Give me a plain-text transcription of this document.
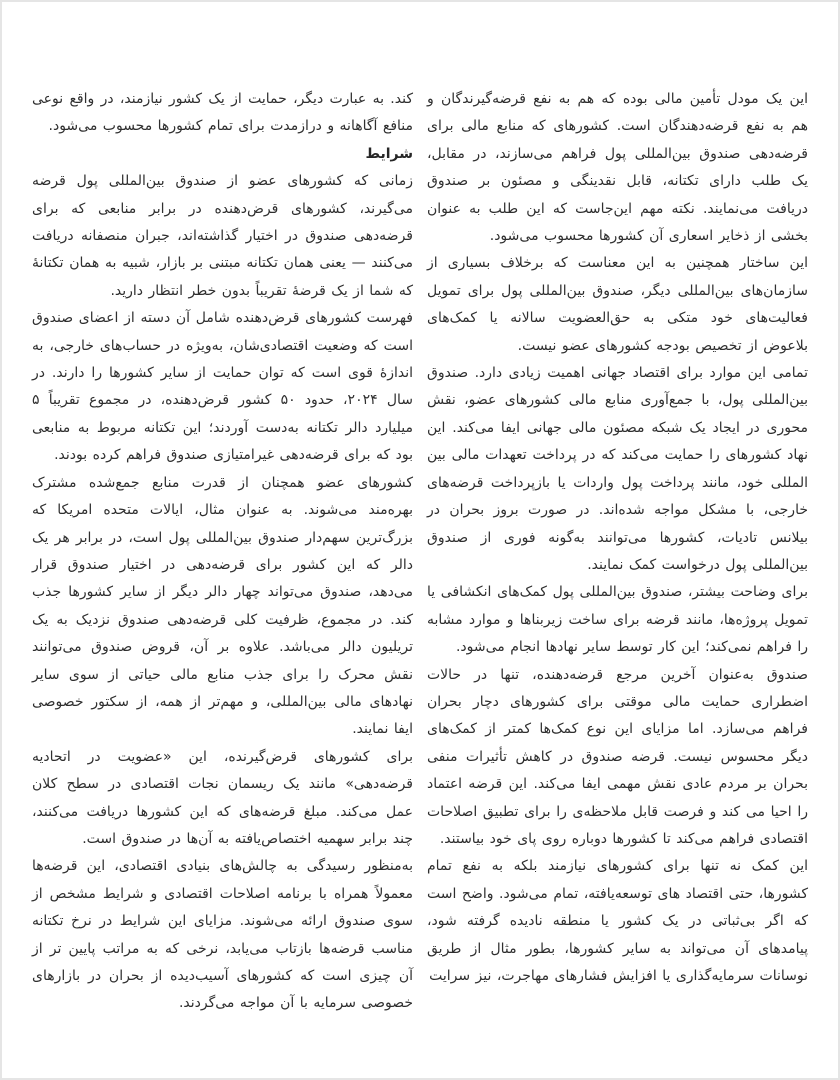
این یک مودل تأمین مالی بوده که هم به نفع قرضه‌گیرندگان و هم به نفع قرضه‌دهندگان است. کشورهای که منابع مالی برای قرضه‌دهی صندوق بین‌المللی پول فراهم می‌سازند، در مقابل، یک طلب دارای تکتانه، قابل نقدینگی و مصئون بر صندوق دریافت می‌نمایند. نکته مهم این‌جاست که این طلب به عنوان بخشی از ذخایر اسعاری آن کشورها محسوب می‌شود.

این ساختار همچنین به این معناست که برخلاف بسیاری از سازمان‌های بین‌المللی دیگر، صندوق بین‌المللی پول برای تمویل فعالیت‌های خود متکی به حق‌العضویت سالانه یا کمک‌های بلاعوض از تخصیص بودجه کشورهای عضو نیست.

تمامی این موارد برای اقتصاد جهانی اهمیت زیادی دارد. صندوق بین‌المللی پول، با جمع‌آوری منابع مالی کشورهای عضو، نقش محوری در ایجاد یک شبکه مصئون مالی جهانی ایفا می‌کند. این نهاد کشورهای را حمایت می‌کند که در پرداخت تعهدات مالی بین المللی خود، مانند پرداخت پول واردات یا بازپرداخت قرضه‌های خارجی، با مشکل مواجه شده‌اند. در صورت بروز بحران در بیلانس تادیات، کشورها می‌توانند به‌گونه فوری از صندوق بین‌المللی پول درخواست کمک نمایند.

برای وضاحت بیشتر، صندوق بین‌المللی پول کمک‌های انکشافی یا تمویل پروژه‌ها، مانند قرضه برای ساخت زیربناها و موارد مشابه را فراهم نمی‌کند؛ این کار توسط سایر نهادها انجام می‌شود.

صندوق به‌عنوان آخرین مرجع قرضه‌دهنده، تنها در حالات اضطراری حمایت مالی موقتی برای کشورهای دچار بحران فراهم می‌سازد. اما مزایای این نوع کمک‌ها کمتر از کمک‌های دیگر محسوس نیست. قرضه صندوق در کاهش تأثیرات منفی بحران بر مردم عادی نقش مهمی ایفا می‌کند. این قرضه اعتماد را احیا می کند و فرصت قابل ملاحظه‌ی را برای تطبیق اصلاحات اقتصادی فراهم می‌کند تا کشورها دوباره روی پای خود بیاستند.

این کمک نه تنها برای کشورهای نیازمند بلکه به نفع تمام کشورها، حتی اقتصاد های توسعه‌یافته، تمام می‌شود. واضح است که اگر بی‌ثباتی در یک کشور یا منطقه نادیده گرفته شود، پیامدهای آن می‌تواند به سایر کشورها، بطور مثال از طریق نوسانات سرمایه‌گذاری یا افزایش فشارهای مهاجرت، نیز سرایت

کند. به عبارت دیگر، حمایت از یک کشور نیازمند، در واقع نوعی منافع آگاهانه و درازمدت برای تمام کشورها محسوب می‌شود.

شرایط

زمانی که کشورهای عضو از صندوق بین‌المللی پول قرضه می‌گیرند، کشورهای قرض‌دهنده در برابر منابعی که برای قرضه‌دهی صندوق در اختیار گذاشته‌اند، جبران منصفانه دریافت می‌کنند — یعنی همان تکتانه مبتنی بر بازار، شبیه به همان تکتانهٔ که شما از یک قرضهٔ تقریباً بدون خطر انتظار دارید.

فهرست کشورهای قرض‌دهنده شامل آن دسته از اعضای صندوق است که وضعیت اقتصادی‌شان، به‌ویژه در حساب‌های خارجی، به اندازهٔ قوی است که توان حمایت از سایر کشورها را دارند. در سال ۲۰۲۴، حدود ۵۰ کشور قرض‌دهنده، در مجموع تقریباً ۵ میلیارد دالر تکتانه به‌دست آوردند؛ این تکتانه مربوط به منابعی بود که برای قرضه‌دهی غیرامتیازی صندوق فراهم کرده بودند.

کشورهای عضو همچنان از قدرت منابع جمع‌شده مشترک بهره‌مند می‌شوند. به عنوان مثال، ایالات متحده امریکا که بزرگ‌ترین سهم‌دار صندوق بین‌المللی پول است، در برابر هر یک دالر که این کشور برای قرضه‌دهی در اختیار صندوق قرار می‌دهد، صندوق می‌تواند چهار دالر دیگر از سایر کشورها جذب کند. در مجموع، ظرفیت کلی قرضه‌دهی صندوق نزدیک به یک تریلیون دالر می‌باشد. علاوه بر آن، قروض صندوق می‌توانند نقش محرک را برای جذب منابع مالی حیاتی از سوی سایر نهادهای مالی بین‌المللی، و مهم‌تر از همه، از سکتور خصوصی ایفا نمایند.

برای کشورهای قرض‌گیرنده، این «عضویت در اتحادیه قرضه‌دهی» مانند یک ریسمان نجات اقتصادی در سطح کلان عمل می‌کند. مبلغ قرضه‌های که این کشورها دریافت می‌کنند، چند برابر سهمیه اختصاص‌یافته به آن‌ها در صندوق است.

به‌منظور رسیدگی به چالش‌های بنیادی اقتصادی، این قرضه‌ها معمولاً همراه با برنامه اصلاحات اقتصادی و شرایط مشخص از سوی صندوق ارائه می‌شوند. مزایای این شرایط در نرخ تکتانه مناسب قرضه‌ها بازتاب می‌یابد، نرخی که به مراتب پایین تر از آن چیزی است که کشورهای آسیب‌دیده از بحران در بازارهای خصوصی سرمایه با آن مواجه می‌گردند.
